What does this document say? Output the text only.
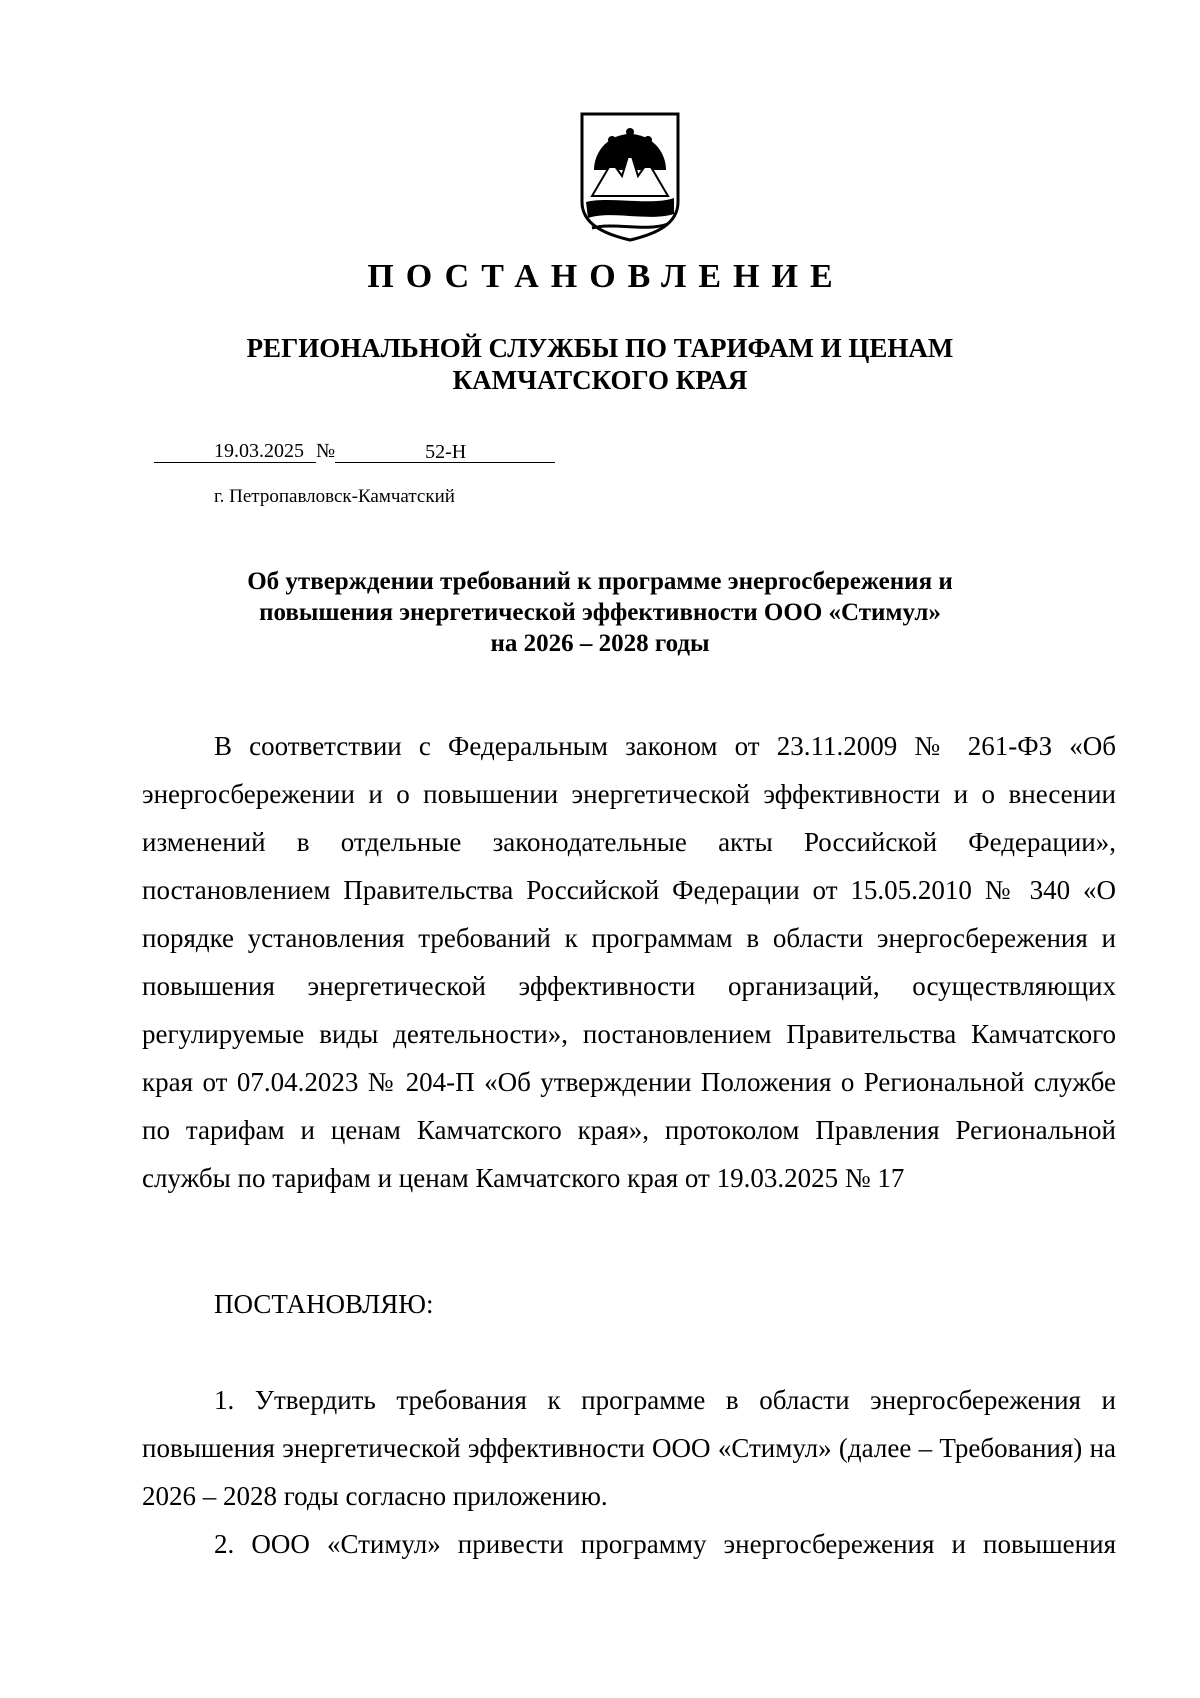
ПОСТАНОВЛЕНИЕ
РЕГИОНАЛЬНОЙ СЛУЖБЫ ПО ТАРИФАМ И ЦЕНАМ
КАМЧАТСКОГО КРАЯ
19.03.2025 №	52-Н
г. Петропавловск-Камчатский
Об утверждении требований к программе энергосбережения и
повышения энергетической эффективности ООО «Стимул»
на 2026 – 2028 годы

В соответствии с Федеральным законом от 23.11.2009 № 261-ФЗ «Об энергосбережении и о повышении энергетической эффективности и о внесении изменений в отдельные законодательные акты Российской Федерации», постановлением Правительства Российской Федерации от 15.05.2010 № 340 «О порядке установления требований к программам в области энергосбережения и повышения энергетической эффективности организаций, осуществляющих регулируемые виды деятельности», постановлением Правительства Камчатского края от 07.04.2023 № 204-П «Об утверждении Положения о Региональной службе по тарифам и ценам Камчатского края», протоколом Правления Региональной службы по тарифам и ценам Камчатского края от 19.03.2025 № 17

ПОСТАНОВЛЯЮ:

1. Утвердить требования к программе в области энергосбережения и повышения энергетической эффективности ООО «Стимул» (далее – Требования) на 2026 – 2028 годы согласно приложению.

2. ООО «Стимул» привести программу энергосбережения и повышения
